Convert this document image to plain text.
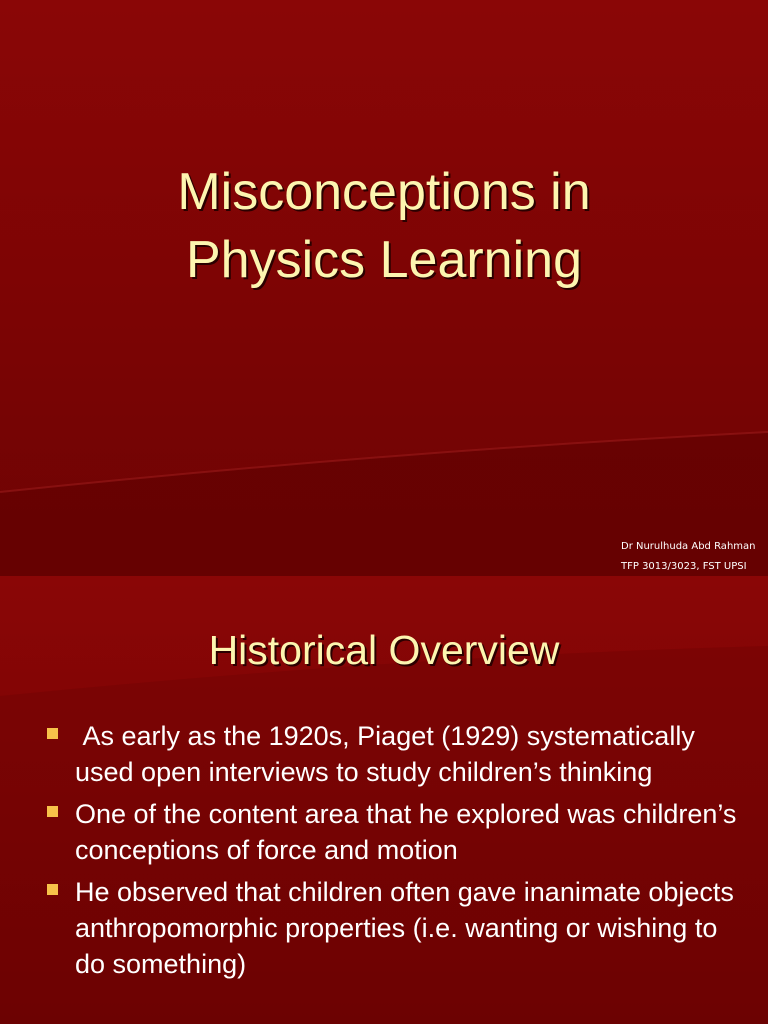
Misconceptions in
Physics Learning
Dr Nurulhuda Abd Rahman
TFP 3013/3023, FST UPSI
Historical Overview
As early as the 1920s, Piaget (1929) systematically used open interviews to study children’s thinking
One of the content area that he explored was children’s conceptions of force and motion
He observed that children often gave inanimate objects anthropomorphic properties (i.e. wanting or wishing to do something)
